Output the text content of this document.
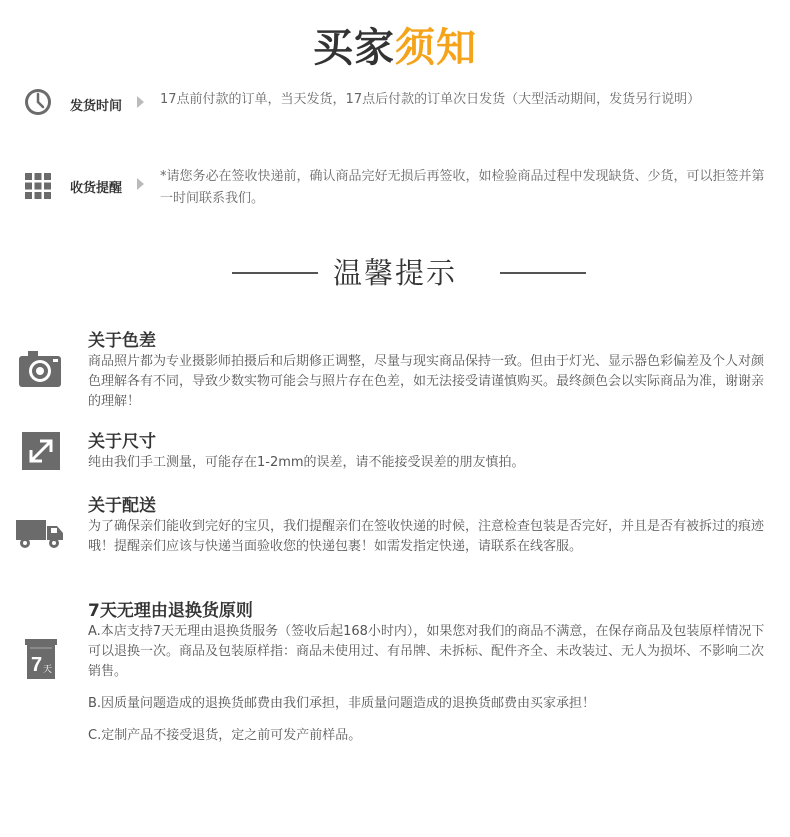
买家须知
发货时间	17点前付款的订单，当天发货，17点后付款的订单次日发货（大型活动期间，发货另行说明）
收货提醒
*请您务必在签收快递前，确认商品完好无损后再签收，如检验商品过程中发现缺货、少货，可以拒签并第一时间联系我们。
温馨提示
关于色差
商品照片都为专业摄影师拍摄后和后期修正调整，尽量与现实商品保持一致。但由于灯光、显示器色彩偏差及个人对颜色理解各有不同，导致少数实物可能会与照片存在色差，如无法接受请谨慎购买。最终颜色会以实际商品为准，谢谢亲的理解！
关于尺寸
纯由我们手工测量，可能存在1-2mm的误差，请不能接受误差的朋友慎拍。
关于配送
为了确保亲们能收到完好的宝贝，我们提醒亲们在签收快递的时候，注意检查包装是否完好，并且是否有被拆过的痕迹哦！提醒亲们应该与快递当面验收您的快递包裹！如需发指定快递，请联系在线客服。
7 天
7天无理由退换货原则

A.本店支持7天无理由退换货服务（签收后起168小时内），如果您对我们的商品不满意，在保存商品及包装原样情况下可以退换一次。商品及包装原样指：商品未使用过、有吊牌、未拆标、配件齐全、未改装过、无人为损坏、不影响二次销售。

B.因质量问题造成的退换货邮费由我们承担，非质量问题造成的退换货邮费由买家承担！

C.定制产品不接受退货，定之前可发产前样品。
